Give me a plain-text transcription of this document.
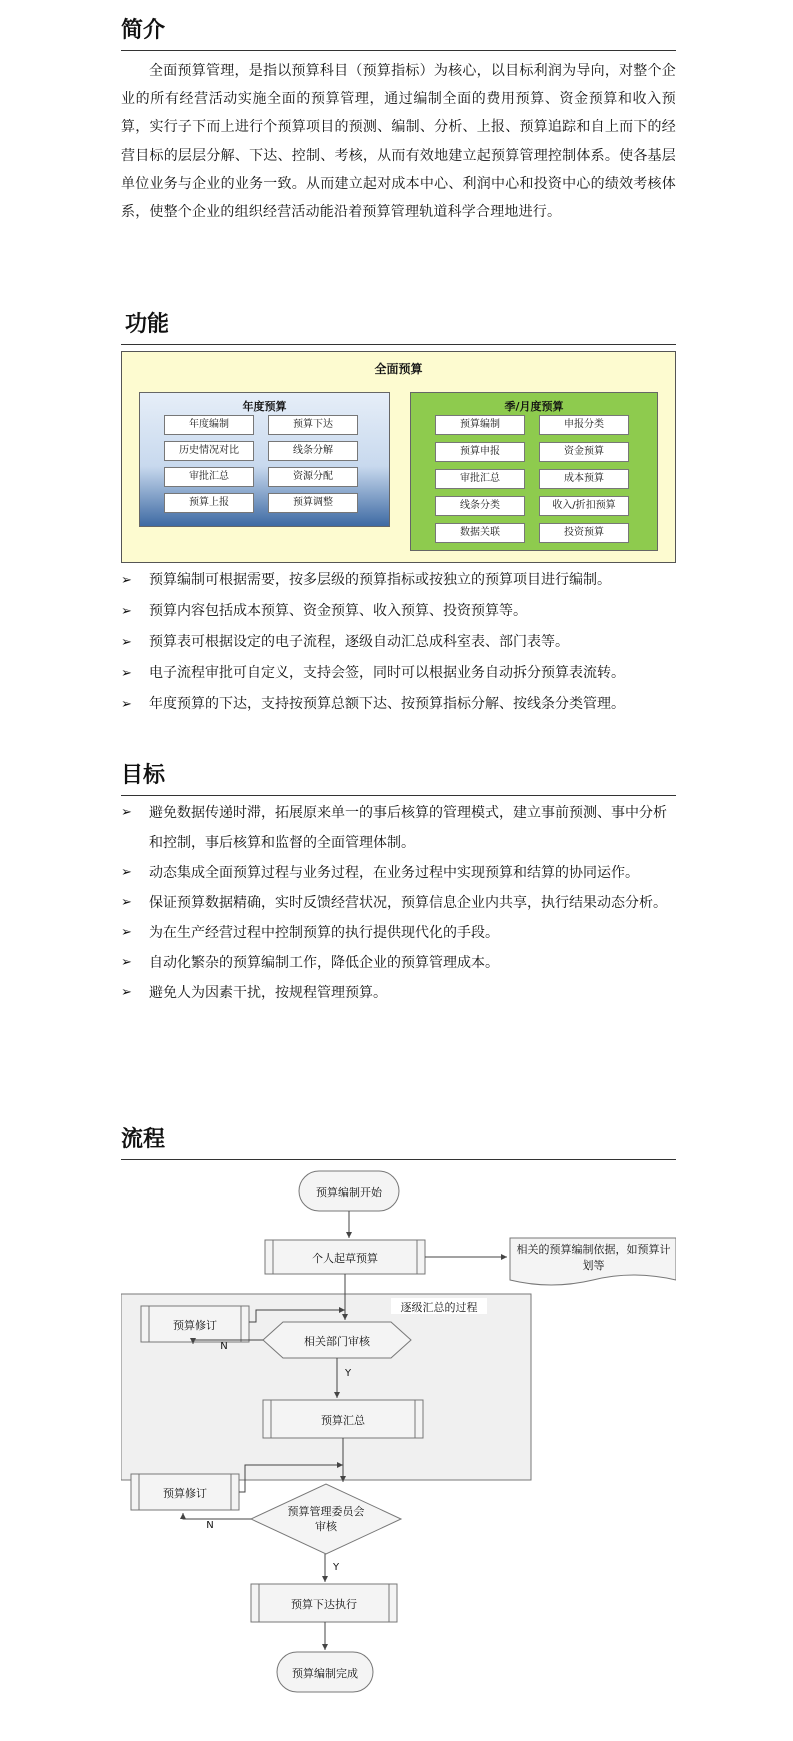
简介
全面预算管理，是指以预算科目（预算指标）为核心，以目标利润为导向，对整个企业的所有经营活动实施全面的预算管理，通过编制全面的费用预算、资金预算和收入预算，实行子下而上进行个预算项目的预测、编制、分析、上报、预算追踪和自上而下的经营目标的层层分解、下达、控制、考核，从而有效地建立起预算管理控制体系。使各基层单位业务与企业的业务一致。从而建立起对成本中心、利润中心和投资中心的绩效考核体系，使整个企业的组织经营活动能沿着预算管理轨道科学合理地进行。
功能
全面预算
年度预算
年度编制	预算下达
历史情况对比	线条分解
审批汇总	资源分配
预算上报	预算调整
季/月度预算
预算编制	申报分类
预算申报	资金预算
审批汇总	成本预算
线条分类	收入/折扣预算
数据关联	投资预算
➢ 预算编制可根据需要，按多层级的预算指标或按独立的预算项目进行编制。
➢ 预算内容包括成本预算、资金预算、收入预算、投资预算等。
➢ 预算表可根据设定的电子流程，逐级自动汇总成科室表、部门表等。
➢ 电子流程审批可自定义，支持会签，同时可以根据业务自动拆分预算表流转。
➢ 年度预算的下达，支持按预算总额下达、按预算指标分解、按线条分类管理。
目标
➢ 避免数据传递时滞，拓展原来单一的事后核算的管理模式，建立事前预测、事中分析和控制，事后核算和监督的全面管理体制。
➢ 动态集成全面预算过程与业务过程，在业务过程中实现预算和结算的协同运作。
➢ 保证预算数据精确，实时反馈经营状况，预算信息企业内共享，执行结果动态分析。
➢ 为在生产经营过程中控制预算的执行提供现代化的手段。
➢ 自动化繁杂的预算编制工作，降低企业的预算管理成本。
➢ 避免人为因素干扰，按规程管理预算。
流程
预算编制开始
个人起草预算
相关的预算编制依据，如预算计划等
逐级汇总的过程
预算修订
相关部门审核
预算汇总
预算修订
预算管理委员会审核
预算下达执行
预算编制完成
N
Y
N
Y
